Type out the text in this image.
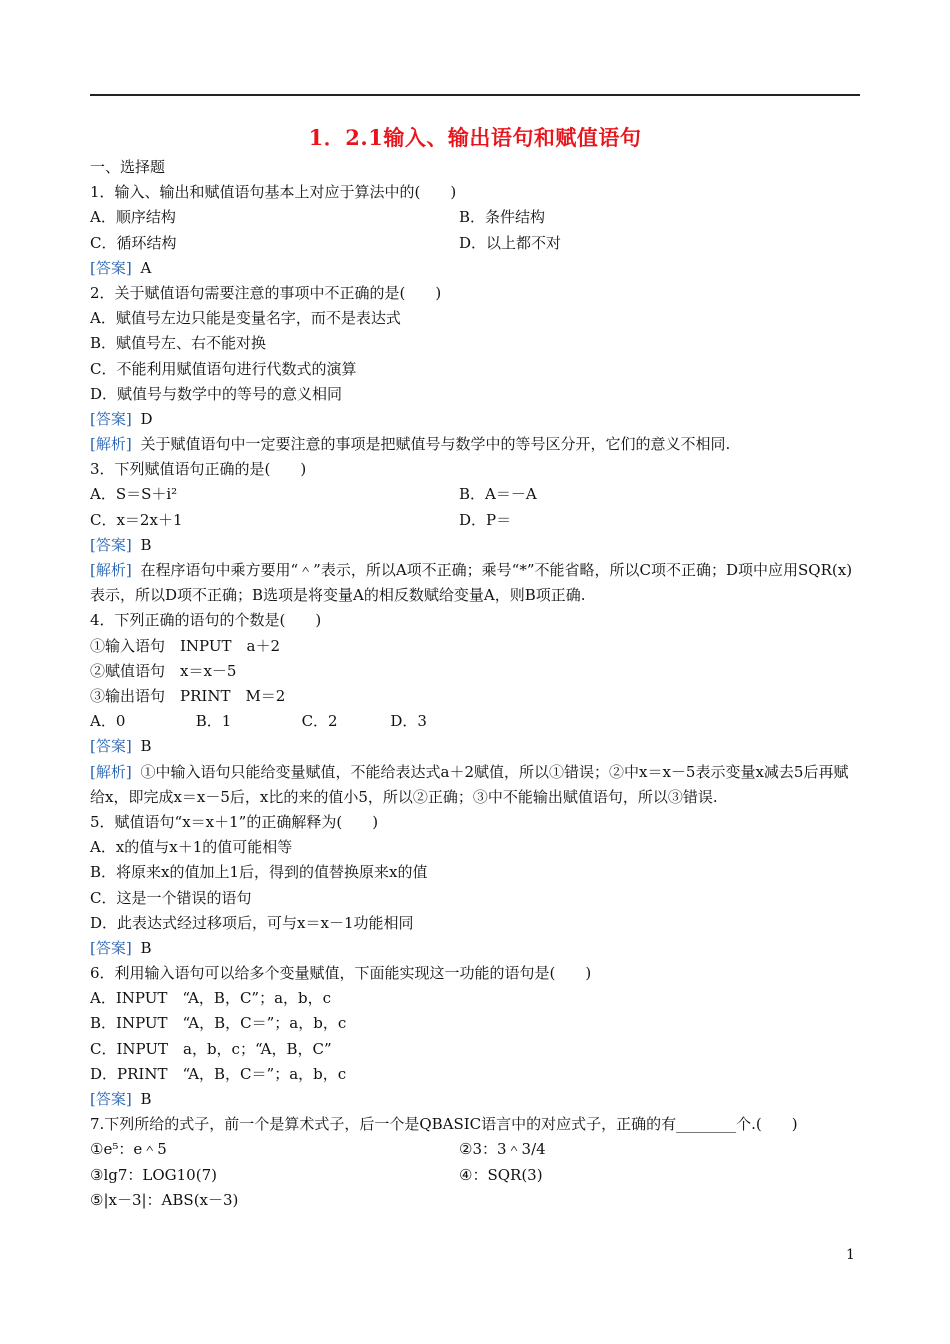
1．2.1输入、输出语句和赋值语句
一、选择题
1．输入、输出和赋值语句基本上对应于算法中的(　　)
A．顺序结构	B．条件结构
C．循环结构	D．以上都不对
[答案] A
2．关于赋值语句需要注意的事项中不正确的是(　　)
A．赋值号左边只能是变量名字，而不是表达式
B．赋值号左、右不能对换
C．不能利用赋值语句进行代数式的演算
D．赋值号与数学中的等号的意义相同
[答案] D
[解析] 关于赋值语句中一定要注意的事项是把赋值号与数学中的等号区分开，它们的意义不相同.
3．下列赋值语句正确的是(　　)
A．S＝S＋i²	B．A＝－A
C．x＝2x＋1	D．P＝
[答案] B
[解析] 在程序语句中乘方要用“＾”表示，所以A项不正确；乘号“*”不能省略，所以C项不正确；D项中应用SQR(x)表示，所以D项不正确；B选项是将变量A的相反数赋给变量A，则B项正确.
4．下列正确的语句的个数是(　　)
①输入语句　INPUT　a＋2
②赋值语句　x＝x－5
③输出语句　PRINT　M＝2
A．0	B．1	C．2	D．3
[答案] B
[解析] ①中输入语句只能给变量赋值，不能给表达式a＋2赋值，所以①错误；②中x＝x－5表示变量x减去5后再赋给x，即完成x＝x－5后，x比的来的值小5，所以②正确；③中不能输出赋值语句，所以③错误.
5．赋值语句“x＝x＋1”的正确解释为(　　)
A．x的值与x＋1的值可能相等
B．将原来x的值加上1后，得到的值替换原来x的值
C．这是一个错误的语句
D．此表达式经过移项后，可与x＝x－1功能相同
[答案] B
6．利用输入语句可以给多个变量赋值，下面能实现这一功能的语句是(　　)
A．INPUT　“A，B，C”；a，b，c
B．INPUT　“A，B，C＝”；a，b，c
C．INPUT　a，b，c；“A，B，C”
D．PRINT　“A，B，C＝”；a，b，c
[答案] B
7.下列所给的式子，前一个是算术式子，后一个是QBASIC语言中的对应式子，正确的有________个.(　　)
①e⁵：e＾5	②3：3＾3/4
③lg7：LOG10(7)	④：SQR(3)
⑤|x－3|：ABS(x－3)
1
